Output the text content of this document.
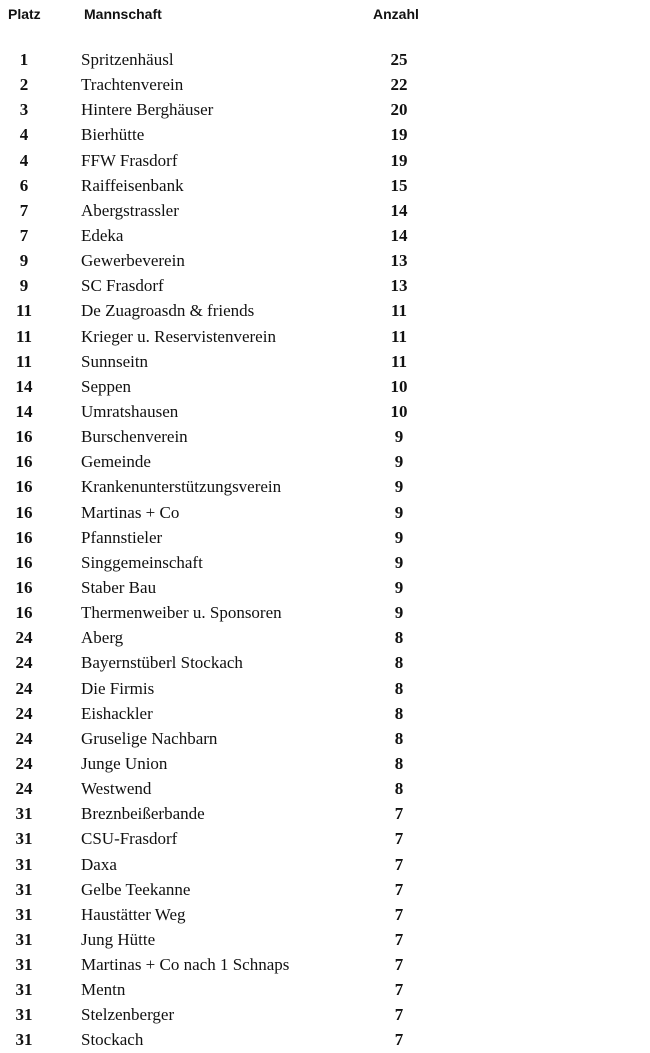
Platz	Mannschaft	Anzahl
1	Spritzenhäusl	25
2	Trachtenverein	22
3	Hintere Berghäuser	20
4	Bierhütte	19
4	FFW Frasdorf	19
6	Raiffeisenbank	15
7	Abergstrassler	14
7	Edeka	14
9	Gewerbeverein	13
9	SC Frasdorf	13
11	De Zuagroasdn & friends	11
11	Krieger u. Reservistenverein	11
11	Sunnseitn	11
14	Seppen	10
14	Umratshausen	10
16	Burschenverein	9
16	Gemeinde	9
16	Krankenunterstützungsverein	9
16	Martinas + Co	9
16	Pfannstieler	9
16	Singgemeinschaft	9
16	Staber Bau	9
16	Thermenweiber u. Sponsoren	9
24	Aberg	8
24	Bayernstüberl Stockach	8
24	Die Firmis	8
24	Eishackler	8
24	Gruselige Nachbarn	8
24	Junge Union	8
24	Westwend	8
31	Breznbeißerbande	7
31	CSU-Frasdorf	7
31	Daxa	7
31	Gelbe Teekanne	7
31	Haustätter Weg	7
31	Jung Hütte	7
31	Martinas + Co nach 1 Schnaps	7
31	Mentn	7
31	Stelzenberger	7
31	Stockach	7
